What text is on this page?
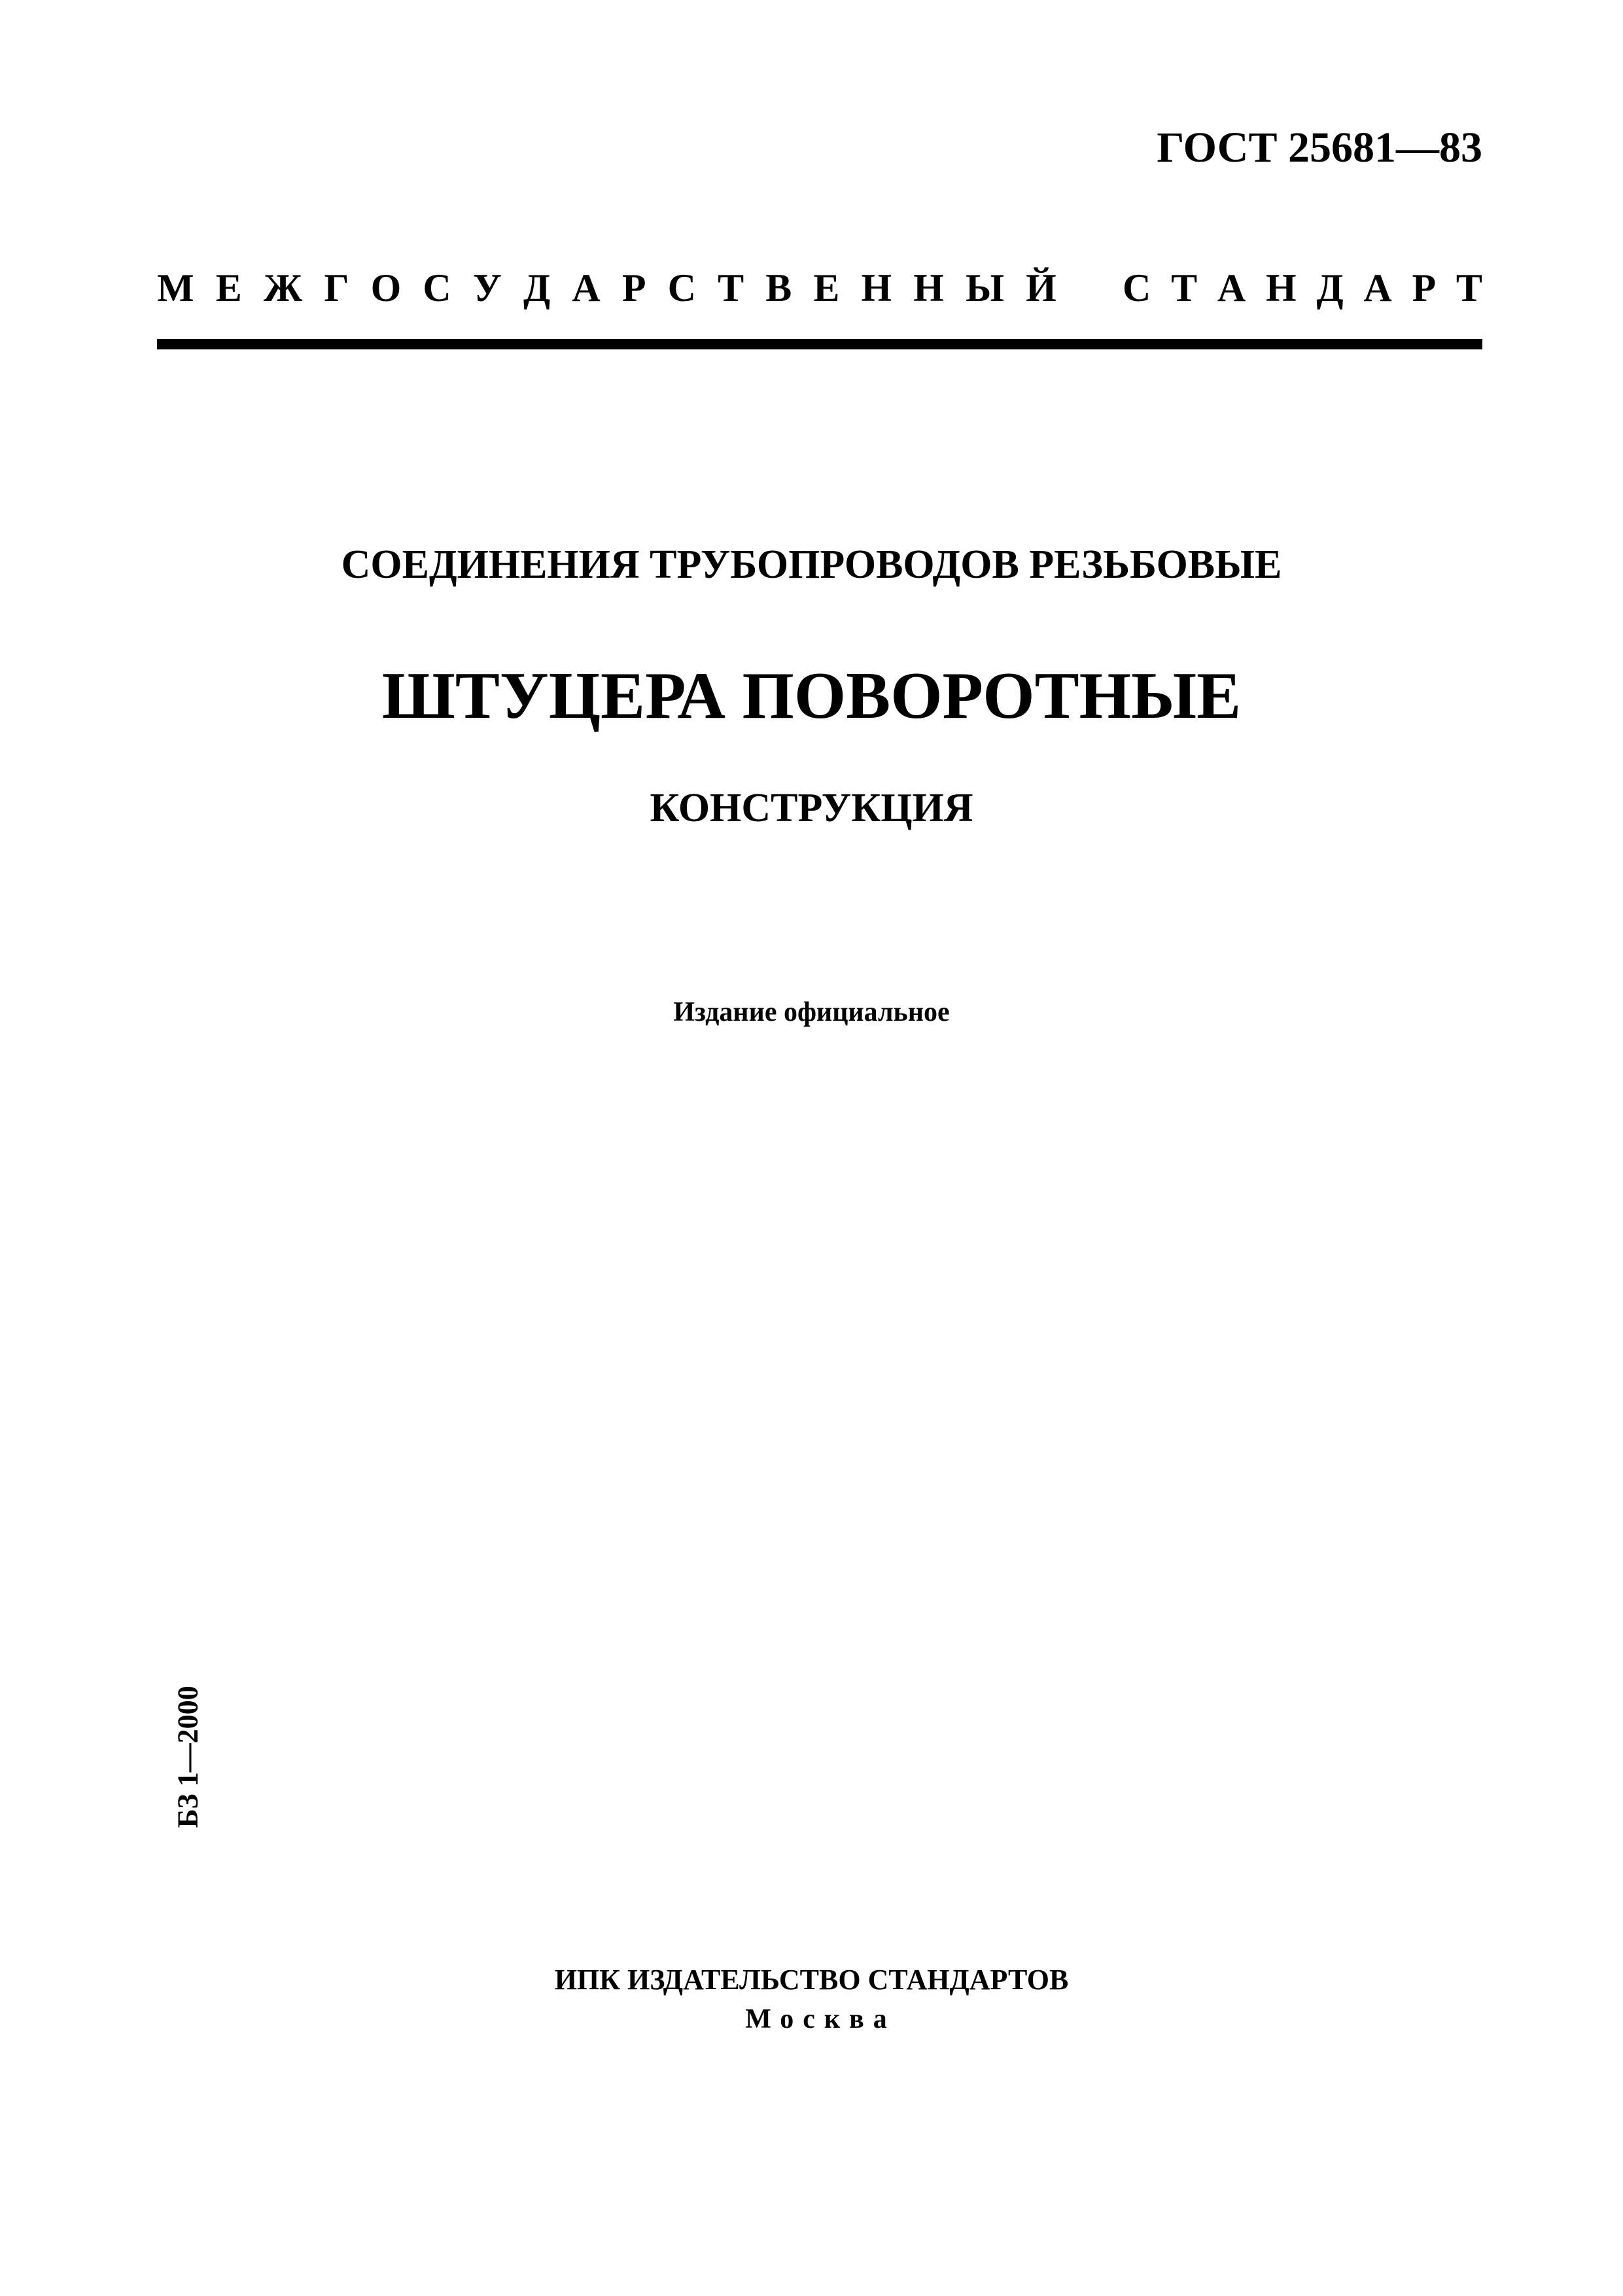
ГОСТ 25681—83
М Е Ж Г О С У Д А Р С Т В Е Н Н Ы Й С Т А Н Д А Р Т
СОЕДИНЕНИЯ ТРУБОПРОВОДОВ РЕЗЬБОВЫЕ
ШТУЦЕРА ПОВОРОТНЫЕ
КОНСТРУКЦИЯ
Издание официальное
БЗ 1—2000
ИПК ИЗДАТЕЛЬСТВО СТАНДАРТОВ
Москва
